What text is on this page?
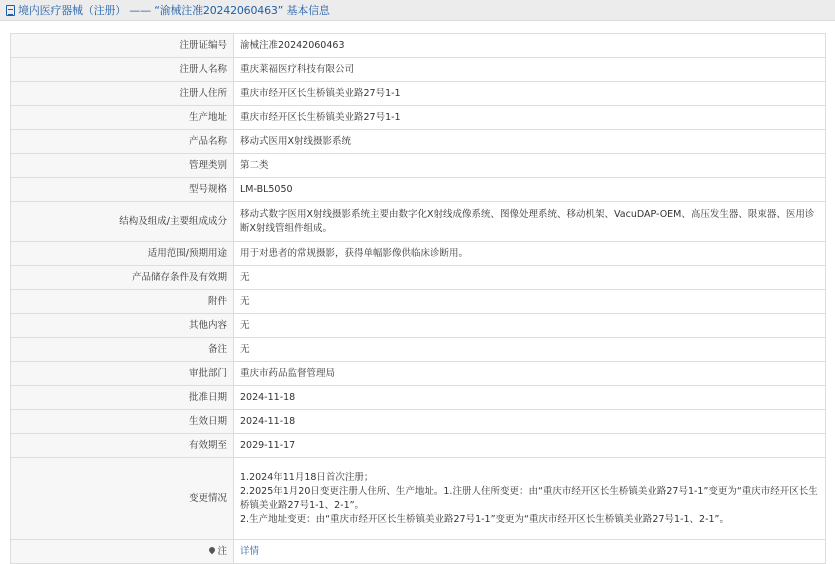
境内医疗器械（注册） —— “渝械注准20242060463” 基本信息
注册证编号	渝械注准20242060463
注册人名称	重庆莱福医疗科技有限公司
注册人住所	重庆市经开区长生桥镇美业路27号1-1
生产地址	重庆市经开区长生桥镇美业路27号1-1
产品名称	移动式医用X射线摄影系统
管理类别	第二类
型号规格	LM-BL5050
结构及组成/主要组成成分	移动式数字医用X射线摄影系统主要由数字化X射线成像系统、图像处理系统、移动机架、VacuDAP-OEM、高压发生器、限束器、医用诊断X射线管组件组成。
适用范围/预期用途	用于对患者的常规摄影，获得单幅影像供临床诊断用。
产品储存条件及有效期	无
附件	无
其他内容	无
备注	无
审批部门	重庆市药品监督管理局
批准日期	2024-11-18
生效日期	2024-11-18
有效期至	2029-11-17
变更情况	1.2024年11月18日首次注册；
2.2025年1月20日变更注册人住所、生产地址。1.注册人住所变更：由“重庆市经开区长生桥镇美业路27号1-1”变更为“重庆市经开区长生桥镇美业路27号1-1、2-1”。
2.生产地址变更：由“重庆市经开区长生桥镇美业路27号1-1”变更为“重庆市经开区长生桥镇美业路27号1-1、2-1”。

注	详情
